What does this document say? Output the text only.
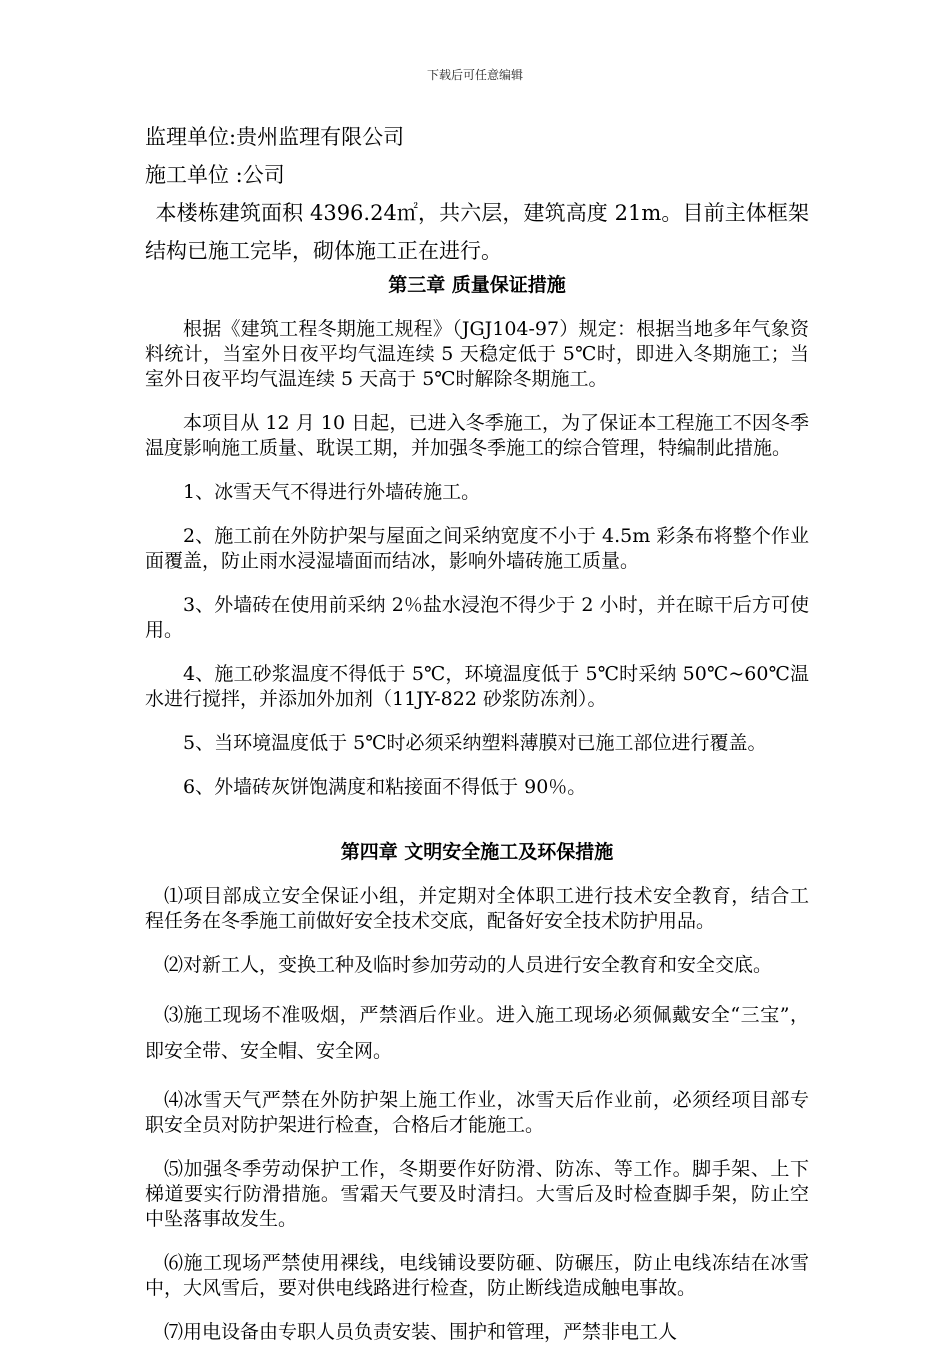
下载后可任意编辑

监理单位:贵州监理有限公司

施工单位 :公司

本楼栋建筑面积 4396.24㎡，共六层，建筑高度 21m。目前主体框架结构已施工完毕，砌体施工正在进行。

第三章 质量保证措施

根据《建筑工程冬期施工规程》（JGJ104-97）规定：根据当地多年气象资料统计，当室外日夜平均气温连续 5 天稳定低于 5℃时，即进入冬期施工；当室外日夜平均气温连续 5 天高于 5℃时解除冬期施工。

本项目从 12 月 10 日起，已进入冬季施工，为了保证本工程施工不因冬季温度影响施工质量、耽误工期，并加强冬季施工的综合管理，特编制此措施。

1、冰雪天气不得进行外墙砖施工。

2、施工前在外防护架与屋面之间采纳宽度不小于 4.5m 彩条布将整个作业面覆盖，防止雨水浸湿墙面而结冰，影响外墙砖施工质量。

3、外墙砖在使用前采纳 2％盐水浸泡不得少于 2 小时，并在晾干后方可使用。

4、施工砂浆温度不得低于 5℃，环境温度低于 5℃时采纳 50℃~60℃温水进行搅拌，并添加外加剂（11JY-822 砂浆防冻剂）。

5、当环境温度低于 5℃时必须采纳塑料薄膜对已施工部位进行覆盖。

6、外墙砖灰饼饱满度和粘接面不得低于 90％。

第四章 文明安全施工及环保措施

⑴项目部成立安全保证小组，并定期对全体职工进行技术安全教育，结合工程任务在冬季施工前做好安全技术交底，配备好安全技术防护用品。

⑵对新工人，变换工种及临时参加劳动的人员进行安全教育和安全交底。

⑶施工现场不准吸烟，严禁酒后作业。进入施工现场必须佩戴安全“三宝”，即安全带、安全帽、安全网。

⑷冰雪天气严禁在外防护架上施工作业，冰雪天后作业前，必须经项目部专职安全员对防护架进行检查，合格后才能施工。

⑸加强冬季劳动保护工作，冬期要作好防滑、防冻、等工作。脚手架、上下梯道要实行防滑措施。雪霜天气要及时清扫。大雪后及时检查脚手架，防止空中坠落事故发生。

⑹施工现场严禁使用裸线，电线铺设要防砸、防碾压，防止电线冻结在冰雪中，大风雪后，要对供电线路进行检查，防止断线造成触电事故。

⑺用电设备由专职人员负责安装、围护和管理，严禁非电工人
